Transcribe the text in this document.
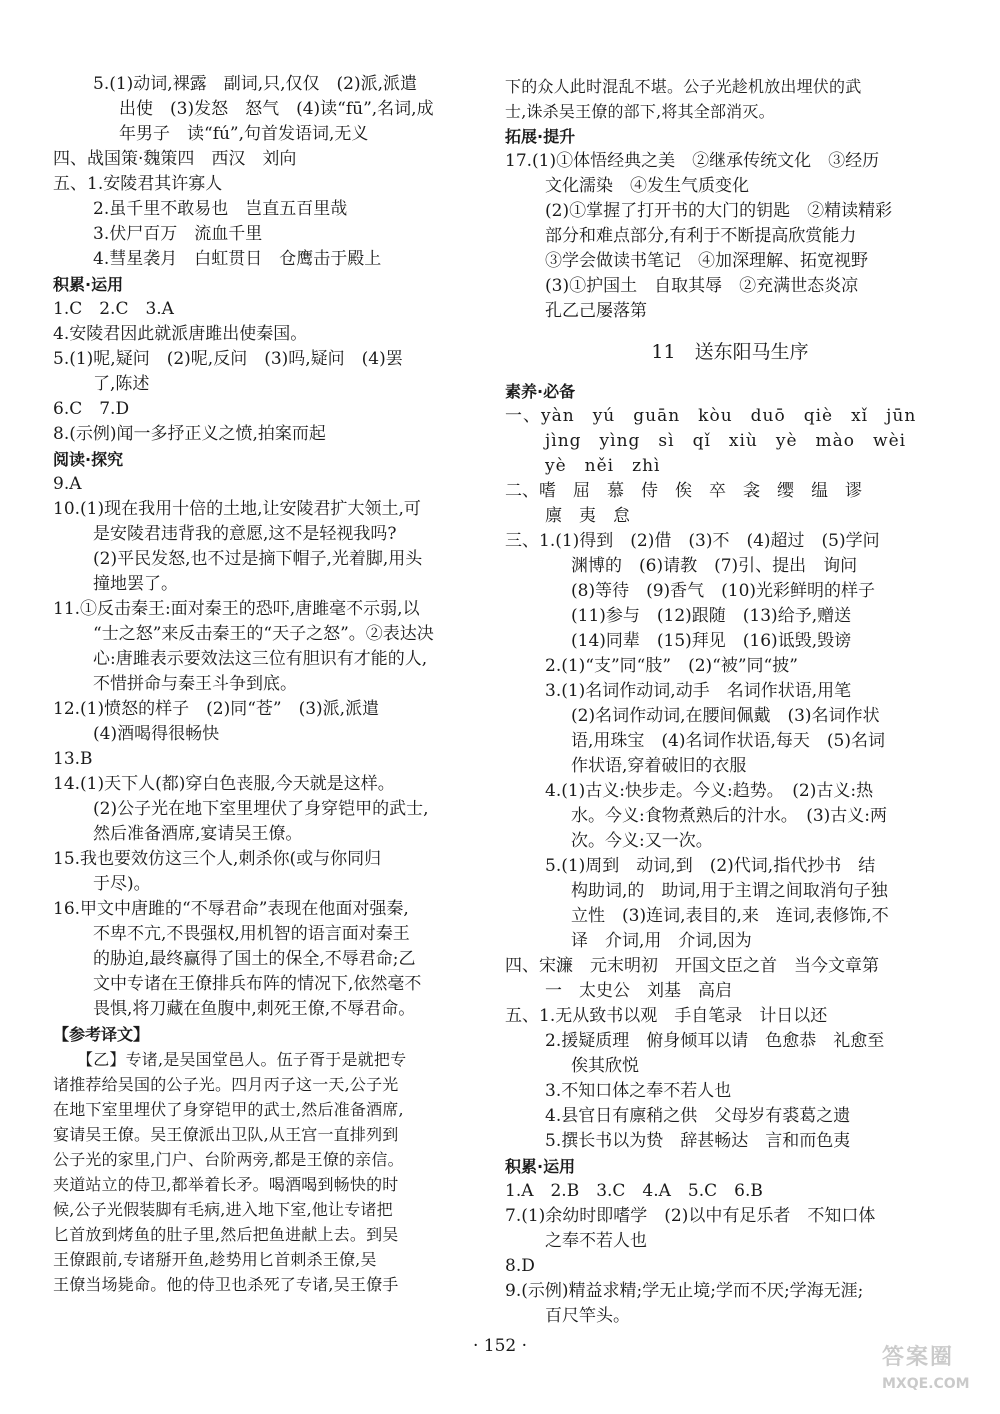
5.(1)动词,裸露　副词,只,仅仅　(2)派,派遣
出使　(3)发怒　怒气　(4)读“fū”,名词,成
年男子　读“fú”,句首发语词,无义
四、战国策·魏策四　西汉　刘向
五、1.安陵君其许寡人
2.虽千里不敢易也　岂直五百里哉
3.伏尸百万　流血千里
4.彗星袭月　白虹贯日　仓鹰击于殿上
积累·运用
1.C　2.C　3.A
4.安陵君因此就派唐雎出使秦国。
5.(1)呢,疑问　(2)呢,反问　(3)吗,疑问　(4)罢
了,陈述
6.C　7.D
8.(示例)闻一多抒正义之愤,拍案而起
阅读·探究
9.A
10.(1)现在我用十倍的土地,让安陵君扩大领土,可
是安陵君违背我的意愿,这不是轻视我吗?
(2)平民发怒,也不过是摘下帽子,光着脚,用头
撞地罢了。
11.①反击秦王:面对秦王的恐吓,唐雎毫不示弱,以
“士之怒”来反击秦王的“天子之怒”。②表达决
心:唐雎表示要效法这三位有胆识有才能的人,
不惜拼命与秦王斗争到底。
12.(1)愤怒的样子　(2)同“苍”　(3)派,派遣
(4)酒喝得很畅快
13.B
14.(1)天下人(都)穿白色丧服,今天就是这样。
(2)公子光在地下室里埋伏了身穿铠甲的武士,
然后准备酒席,宴请吴王僚。
15.我也要效仿这三个人,刺杀你(或与你同归
于尽)。
16.甲文中唐雎的“不辱君命”表现在他面对强秦,
不卑不亢,不畏强权,用机智的语言面对秦王
的胁迫,最终赢得了国土的保全,不辱君命;乙
文中专诸在王僚排兵布阵的情况下,依然毫不
畏惧,将刀藏在鱼腹中,刺死王僚,不辱君命。
【参考译文】
【乙】专诸,是吴国堂邑人。伍子胥于是就把专
诸推荐给吴国的公子光。四月丙子这一天,公子光
在地下室里埋伏了身穿铠甲的武士,然后准备酒席,
宴请吴王僚。吴王僚派出卫队,从王宫一直排列到
公子光的家里,门户、台阶两旁,都是王僚的亲信。
夹道站立的侍卫,都举着长矛。喝酒喝到畅快的时
候,公子光假装脚有毛病,进入地下室,他让专诸把
匕首放到烤鱼的肚子里,然后把鱼进献上去。到吴
王僚跟前,专诸掰开鱼,趁势用匕首刺杀王僚,吴
王僚当场毙命。他的侍卫也杀死了专诸,吴王僚手
下的众人此时混乱不堪。公子光趁机放出埋伏的武
士,诛杀吴王僚的部下,将其全部消灭。
拓展·提升
17.(1)①体悟经典之美　②继承传统文化　③经历
文化濡染　④发生气质变化
(2)①掌握了打开书的大门的钥匙　②精读精彩
部分和难点部分,有利于不断提高欣赏能力
③学会做读书笔记　④加深理解、拓宽视野
(3)①护国土　自取其辱　②充满世态炎凉
孔乙己屡落第
11　送东阳马生序
素养·必备
一、yàn　yú　guān　kòu　duō　qiè　xǐ　jūn
jìng　yìng　sì　qǐ　xiù　yè　mào　wèi
yè　něi　zhì
二、嗜　屈　慕　侍　俟　卒　衾　缨　缊　谬
廪　夷　怠
三、1.(1)得到　(2)借　(3)不　(4)超过　(5)学问
渊博的　(6)请教　(7)引、提出　询问
(8)等待　(9)香气　(10)光彩鲜明的样子
(11)参与　(12)跟随　(13)给予,赠送
(14)同辈　(15)拜见　(16)诋毁,毁谤
2.(1)“支”同“肢”　(2)“被”同“披”
3.(1)名词作动词,动手　名词作状语,用笔
(2)名词作动词,在腰间佩戴　(3)名词作状
语,用珠宝　(4)名词作状语,每天　(5)名词
作状语,穿着破旧的衣服
4.(1)古义:快步走。今义:趋势。　(2)古义:热
水。今义:食物煮熟后的汁水。　(3)古义:两
次。今义:又一次。
5.(1)周到　动词,到　(2)代词,指代抄书　结
构助词,的　助词,用于主谓之间取消句子独
立性　(3)连词,表目的,来　连词,表修饰,不
译　介词,用　介词,因为
四、宋濂　元末明初　开国文臣之首　当今文章第
一　太史公　刘基　高启
五、1.无从致书以观　手自笔录　计日以还
2.援疑质理　俯身倾耳以请　色愈恭　礼愈至
俟其欣悦
3.不知口体之奉不若人也
4.县官日有廪稍之供　父母岁有裘葛之遗
5.撰长书以为贽　辞甚畅达　言和而色夷
积累·运用
1.A　2.B　3.C　4.A　5.C　6.B
7.(1)余幼时即嗜学　(2)以中有足乐者　不知口体
之奉不若人也
8.D
9.(示例)精益求精;学无止境;学而不厌;学海无涯;
百尺竿头。
· 152 ·	答案圈
MXQE.COM
